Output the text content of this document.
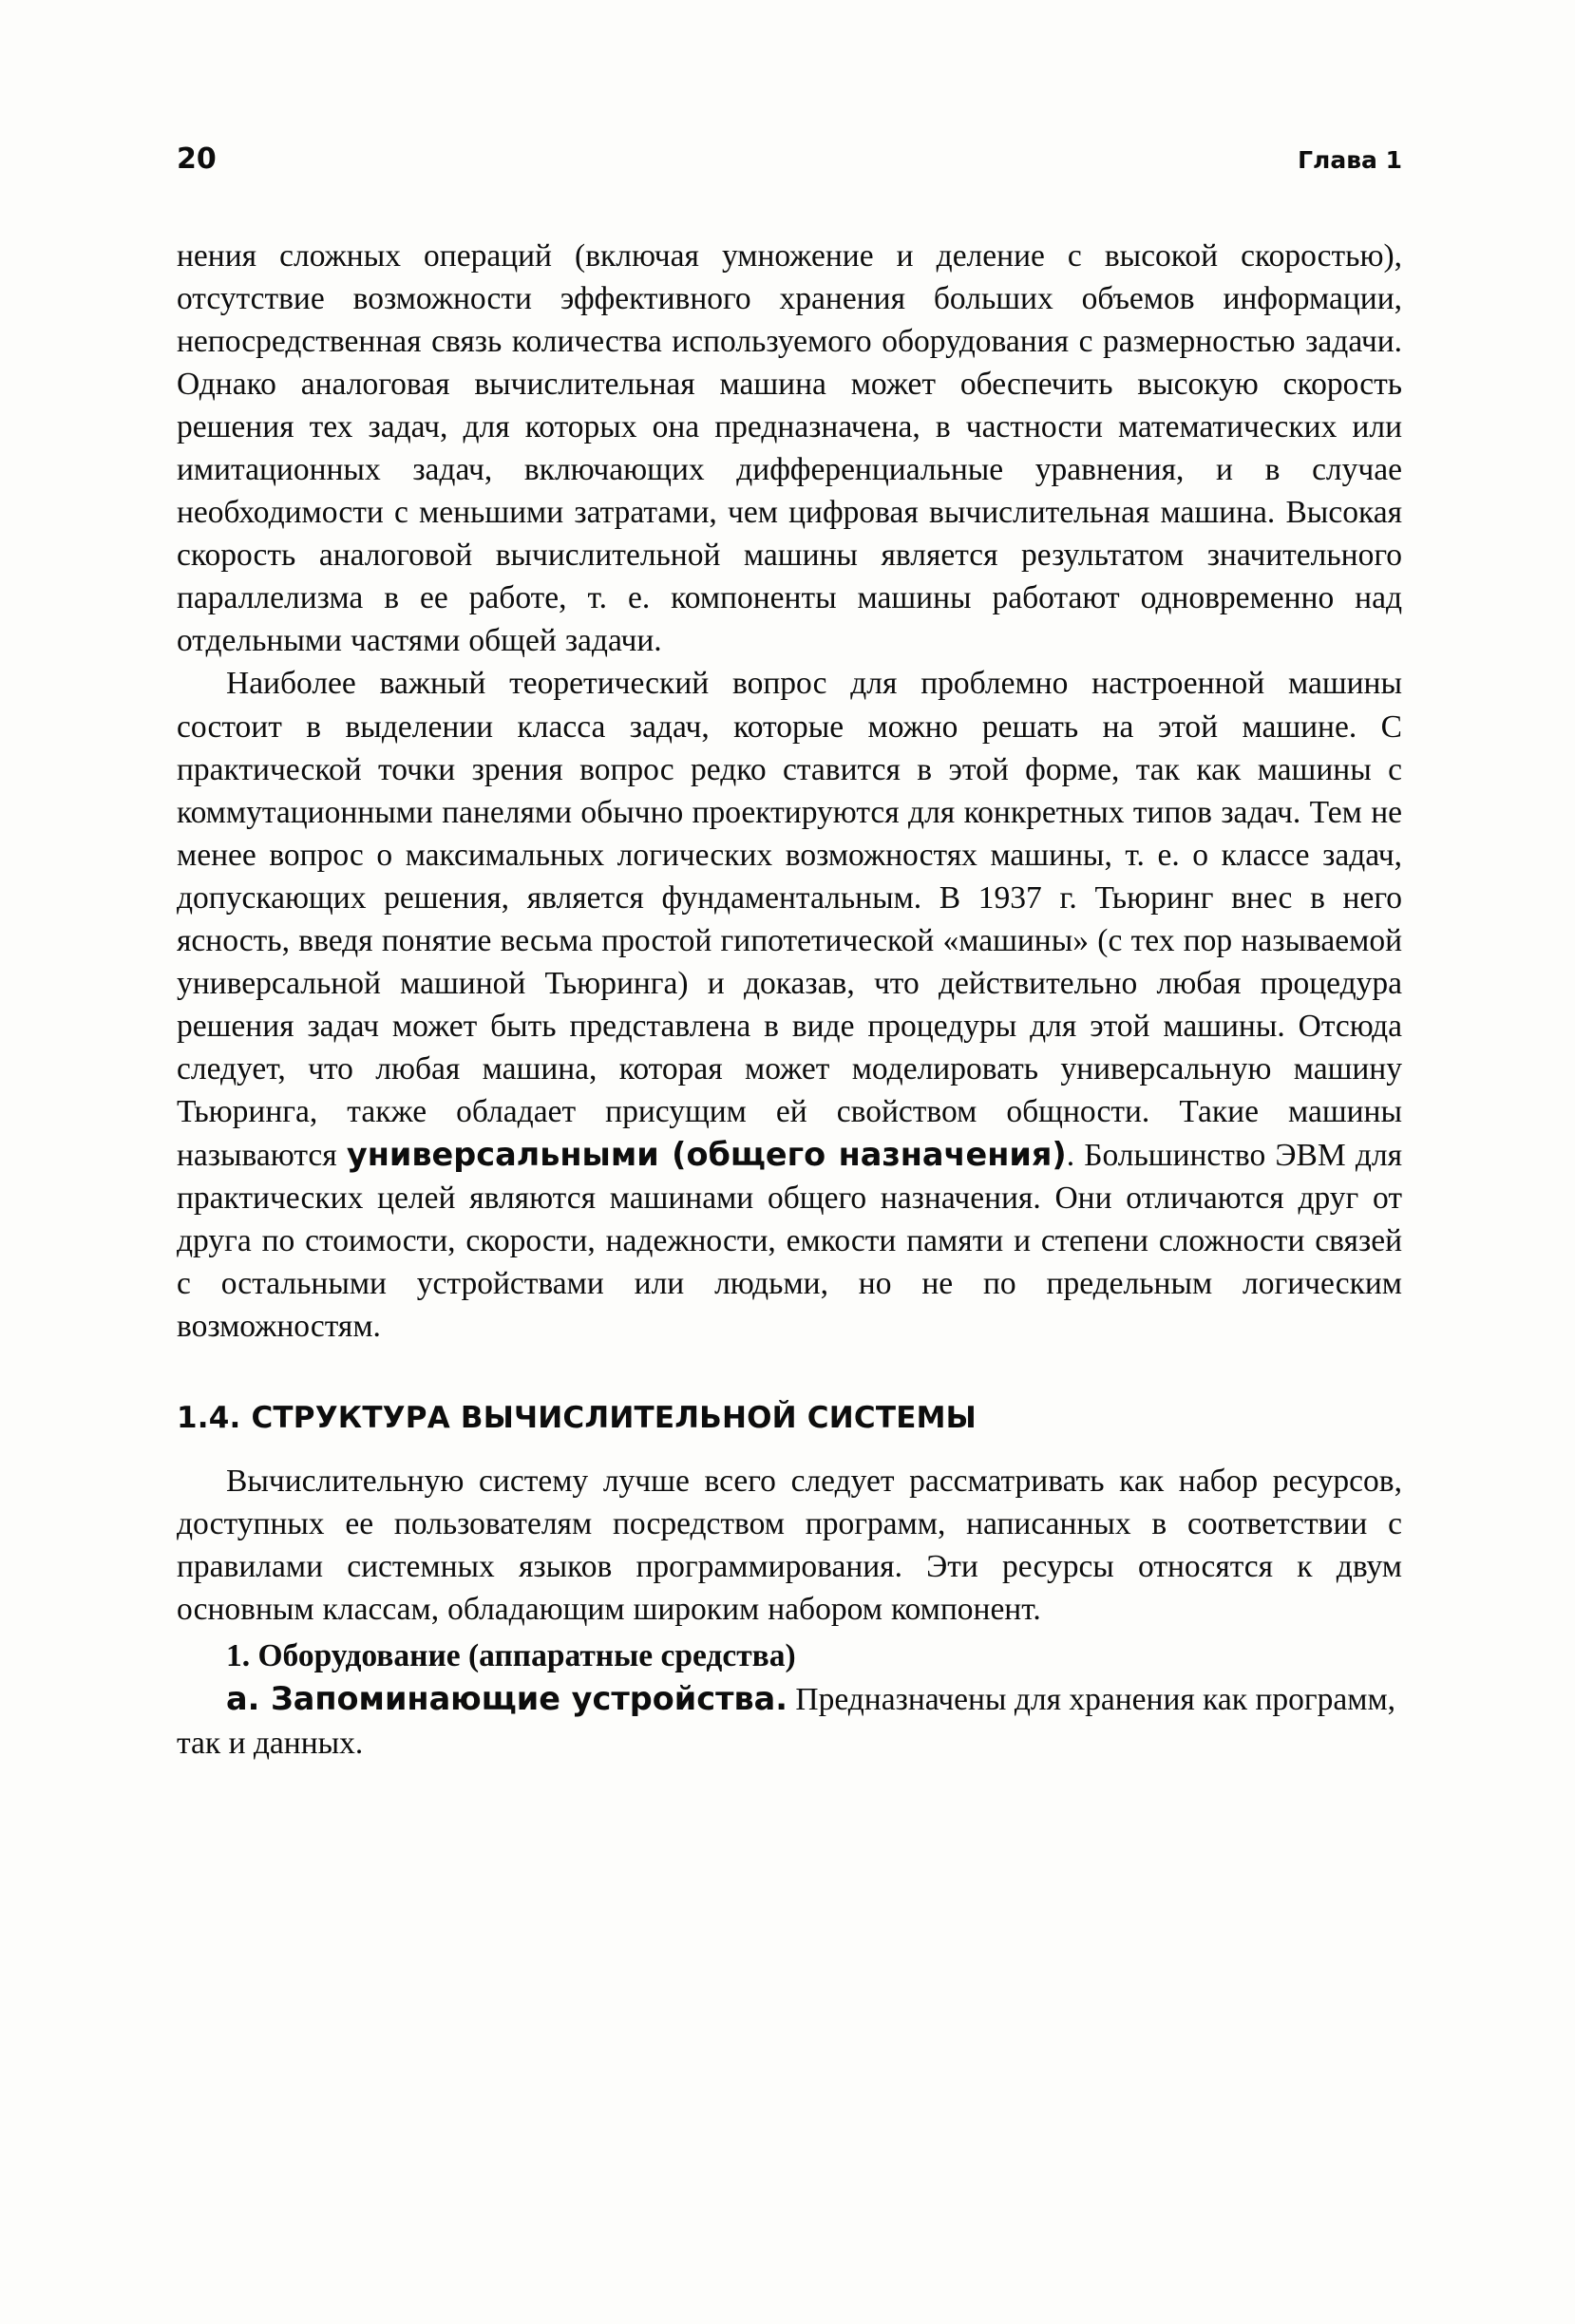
20	Глава 1

нения сложных операций (включая умножение и деление с высокой скоростью), отсутствие возможности эффективного хранения больших объемов информации, непосредственная связь количества используемого оборудования с размерностью задачи. Однако аналоговая вычислительная машина может обеспечить высокую скорость решения тех задач, для которых она предназначена, в частности математических или имитационных задач, включающих дифференциальные уравнения, и в случае необходимости с меньшими затратами, чем цифровая вычислительная машина. Высокая скорость аналоговой вычислительной машины является результатом значительного параллелизма в ее работе, т. е. компоненты машины работают одновременно над отдельными частями общей задачи.

Наиболее важный теоретический вопрос для проблемно настроенной машины состоит в выделении класса задач, которые можно решать на этой машине. С практической точки зрения вопрос редко ставится в этой форме, так как машины с коммутационными панелями обычно проектируются для конкретных типов задач. Тем не менее вопрос о максимальных логических возможностях машины, т. е. о классе задач, допускающих решения, является фундаментальным. В 1937 г. Тьюринг внес в него ясность, введя понятие весьма простой гипотетической «машины» (с тех пор называемой универсальной машиной Тьюринга) и доказав, что действительно любая процедура решения задач может быть представлена в виде процедуры для этой машины. Отсюда следует, что любая машина, которая может моделировать универсальную машину Тьюринга, также обладает присущим ей свойством общности. Такие машины называются универсальными (общего назначения). Большинство ЭВМ для практических целей являются машинами общего назначения. Они отличаются друг от друга по стоимости, скорости, надежности, емкости памяти и степени сложности связей с остальными устройствами или людьми, но не по предельным логическим возможностям.

1.4. СТРУКТУРА ВЫЧИСЛИТЕЛЬНОЙ СИСТЕМЫ

Вычислительную систему лучше всего следует рассматривать как набор ресурсов, доступных ее пользователям посредством программ, написанных в соответствии с правилами системных языков программирования. Эти ресурсы относятся к двум основным классам, обладающим широким набором компонент.

1. Оборудование (аппаратные средства)

а. Запоминающие устройства. Предназначены для хранения как программ, так и данных.
